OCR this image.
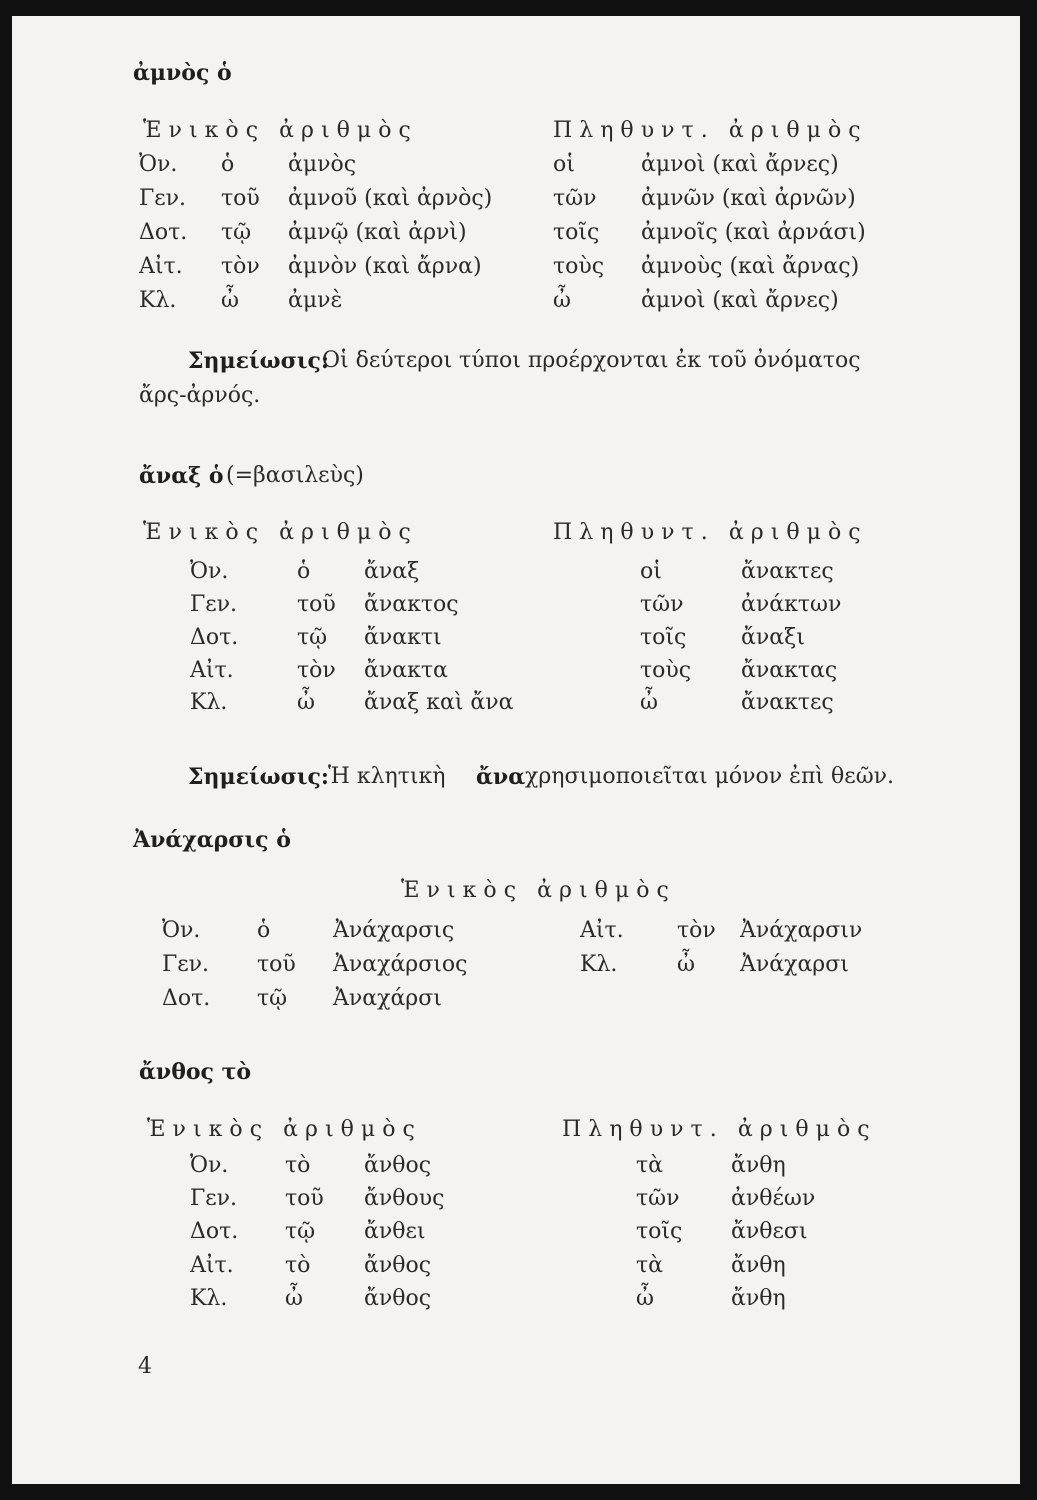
ἀμνὸς ὁ
Ἑνικὸς ἀριθμὸς	Πληθυντ. ἀριθμὸς
Ὀν. ὁ ἀμνὸς	οἱ	ἀμνοὶ (καὶ ἄρνες)
Γεν. τοῦ ἀμνοῦ (καὶ ἀρνὸς)	τῶν ἀμνῶν (καὶ ἀρνῶν)
Δοτ. τῷ ἀμνῷ (καὶ ἀρνὶ)	τοῖς ἀμνοῖς (καὶ ἀρνάσι)
Αἰτ. τὸν ἀμνὸν (καὶ ἄρνα)	τοὺς ἀμνοὺς (καὶ ἄρνας)
Κλ. ὦ ἀμνὲ	ὦ	ἀμνοὶ (καὶ ἄρνες)
Σημείωσις:
Οἱ δεύτεροι τύποι προέρχονται ἐκ τοῦ ὀνόματος
ἄρς-ἀρνός.
ἄναξ ὁ (=βασιλεὺς)
Ἑνικὸς ἀριθμὸς	Πληθυντ. ἀριθμὸς
Ὀν.	ὁ ἄναξ	οἱ	ἄνακτες
Γεν.	τοῦ ἄνακτος	τῶν	ἀνάκτων
Δοτ.	τῷ ἄνακτι	τοῖς ἄναξι
Αἰτ.	τὸν ἄνακτα	τοὺς ἄνακτας
Κλ.	ὦ ἄναξ καὶ ἄνα	ὦ	ἄνακτες
Σημείωσις:
Ἡ κλητικὴ ἄνα χρησιμοποιεῖται μόνον ἐπὶ θεῶν.
Ἀνάχαρσις ὁ
Ἑνικὸς ἀριθμὸς
Ὀν.	ὁ	Ἀνάχαρσις	Αἰτ. τὸν Ἀνάχαρσιν
Γεν. τοῦ Ἀναχάρσιος	Κλ.	ὦ Ἀνάχαρσι
Δοτ. τῷ Ἀναχάρσι
ἄνθος τὸ
Ἑνικὸς ἀριθμὸς	Πληθυντ. ἀριθμὸς
Ὀν.	τὸ ἄνθος	τὰ	ἄνθη
Γεν. τοῦ ἄνθους	τῶν ἀνθέων
Δοτ. τῷ ἄνθει	τοῖς ἄνθεσι
Αἰτ. τὸ ἄνθος	τὰ	ἄνθη
Κλ.	ὦ	ἄνθος	ὦ	ἄνθη
4
